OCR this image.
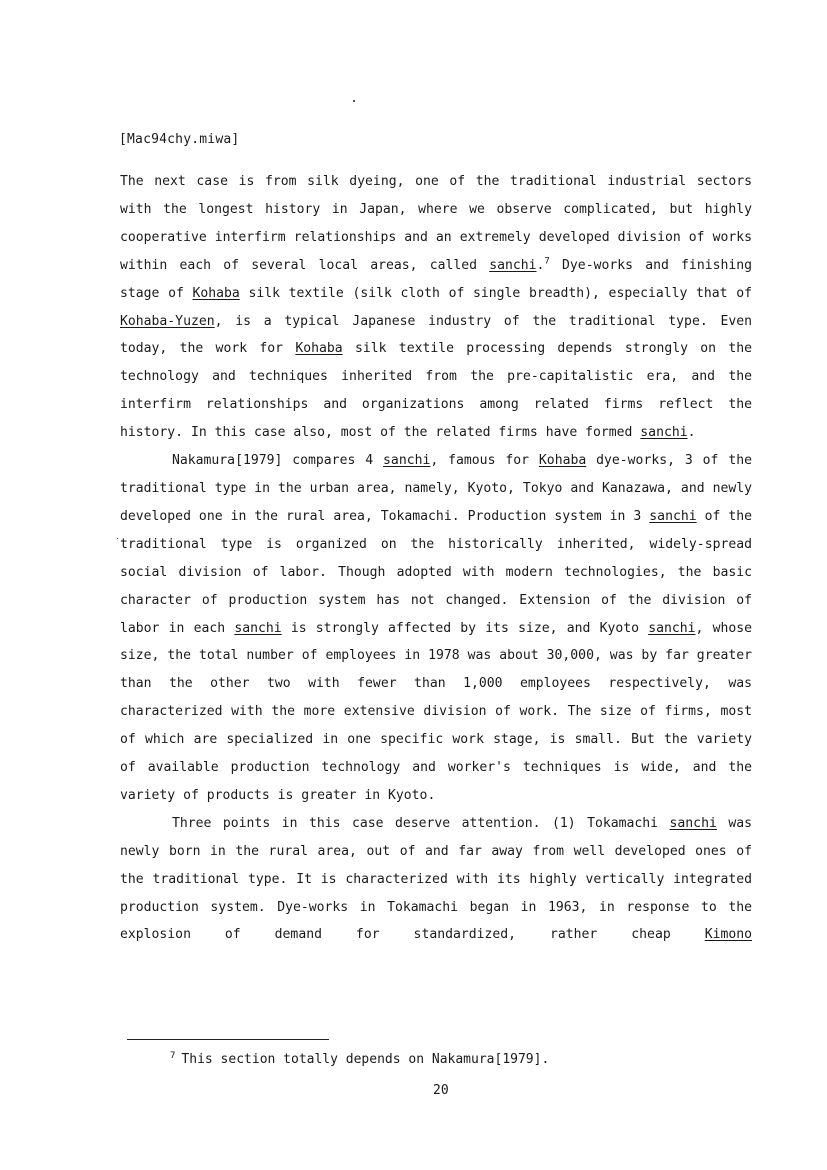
[Mac94chy.miwa]

The next case is from silk dyeing, one of the traditional industrial sectors with the longest history in Japan, where we observe complicated, but highly cooperative interfirm relationships and an extremely developed division of works within each of several local areas, called sanchi.$^7$ Dye-works and finishing stage of Kohaba silk textile (silk cloth of single breadth), especially that of Kohaba-Yuzen, is a typical Japanese industry of the traditional type. Even today, the work for Kohaba silk textile processing depends strongly on the technology and techniques inherited from the pre-capitalistic era, and the interfirm relationships and organizations among related firms reflect the history. In this case also, most of the related firms have formed sanchi.

Nakamura[1979] compares 4 sanchi, famous for Kohaba dye-works, 3 of the traditional type in the urban area, namely, Kyoto, Tokyo and Kanazawa, and newly developed one in the rural area, Tokamachi. Production system in 3 sanchi of the traditional type is organized on the historically inherited, widely-spread social division of labor. Though adopted with modern technologies, the basic character of production system has not changed. Extension of the division of labor in each sanchi is strongly affected by its size, and Kyoto sanchi, whose size, the total number of employees in 1978 was about 30,000, was by far greater than the other two with fewer than 1,000 employees respectively, was characterized with the more extensive division of work. The size of firms, most of which are specialized in one specific work stage, is small. But the variety of available production technology and worker's techniques is wide, and the variety of products is greater in Kyoto.

Three points in this case deserve attention. (1) Tokamachi sanchi was newly born in the rural area, out of and far away from well developed ones of the traditional type. It is characterized with its highly vertically integrated production system. Dye-works in Tokamachi began in 1963, in response to the explosion of demand for standardized, rather cheap Kimono

$^7$ This section totally depends on Nakamura[1979].
20
